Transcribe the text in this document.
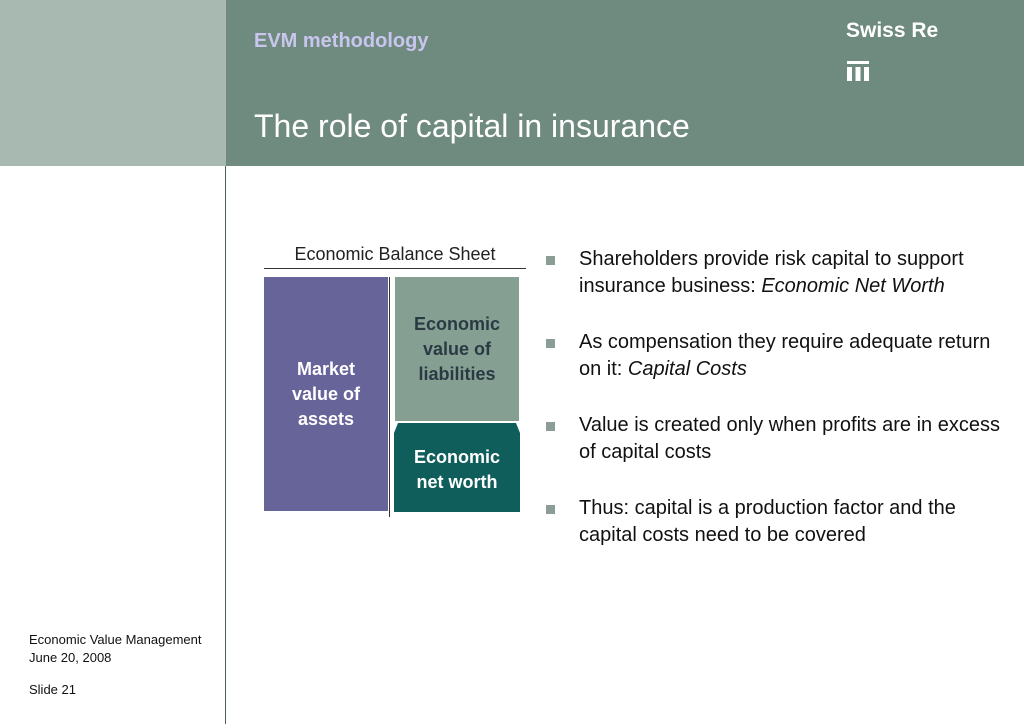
EVM methodology
The role of capital in insurance
Swiss Re
Economic Value Management
June 20, 2008
Slide 21
Economic Balance Sheet
Market
value of
assets
Economic
value of
liabilities
Economic
net worth
Shareholders provide risk capital to support insurance business: Economic Net Worth
As compensation they require adequate return on it: Capital Costs
Value is created only when profits are in excess of capital costs
Thus: capital is a production factor and the capital costs need to be covered
